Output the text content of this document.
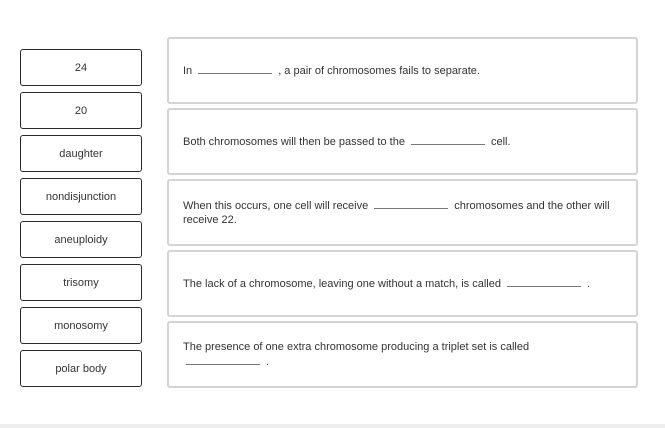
24
20
daughter
nondisjunction
aneuploidy
trisomy
monosomy
polar body
In	, a pair of chromosomes fails to separate.
Both chromosomes will then be passed to the	cell.
When this occurs, one cell will receive	chromosomes and the other will receive 22.
The lack of a chromosome, leaving one without a match, is called	.
The presence of one extra chromosome producing a triplet set is called
.
